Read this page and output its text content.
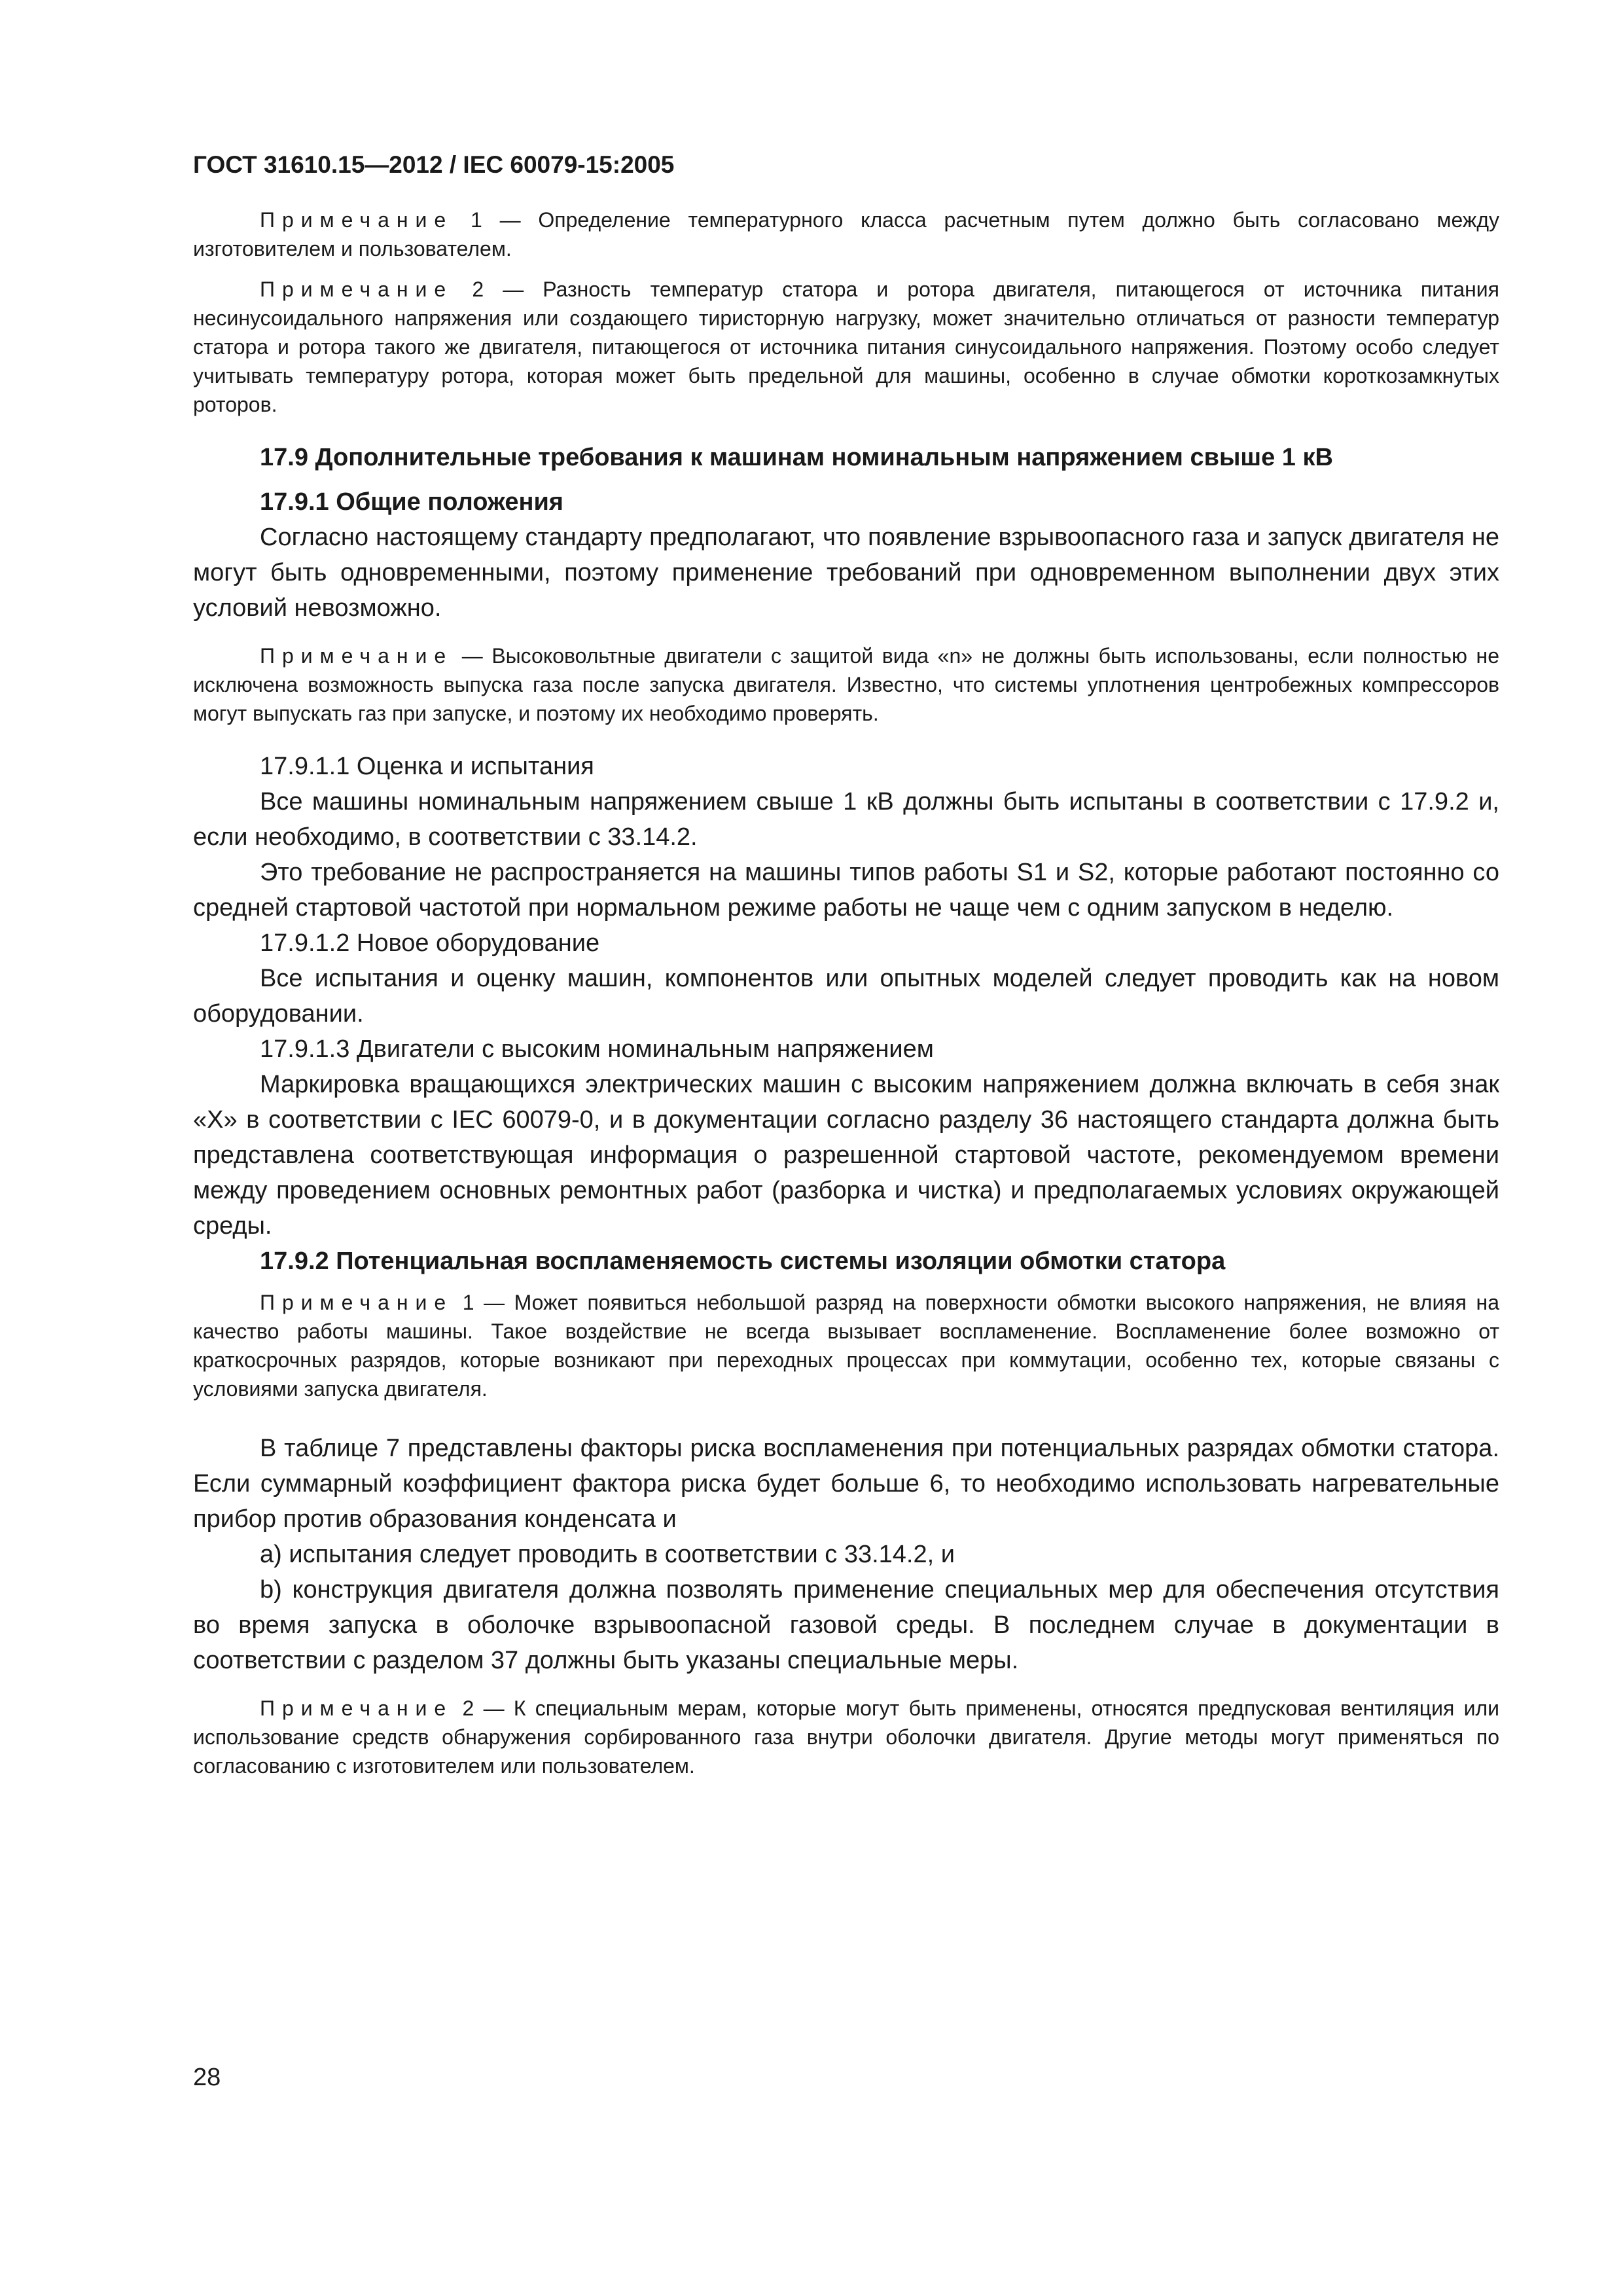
ГОСТ 31610.15—2012 / IEC 60079-15:2005

Примечание 1 — Определение температурного класса расчетным путем должно быть согласовано между изготовителем и пользователем.

Примечание 2 — Разность температур статора и ротора двигателя, питающегося от источника питания несинусоидального напряжения или создающего тиристорную нагрузку, может значительно отличаться от разности температур статора и ротора такого же двигателя, питающегося от источника питания синусоидального напряжения. Поэтому особо следует учитывать температуру ротора, которая может быть предельной для машины, особенно в случае обмотки короткозамкнутых роторов.

17.9 Дополнительные требования к машинам номинальным напряжением свыше 1 кВ

17.9.1 Общие положения

Согласно настоящему стандарту предполагают, что появление взрывоопасного газа и запуск двигателя не могут быть одновременными, поэтому применение требований при одновременном выполнении двух этих условий невозможно.

Примечание — Высоковольтные двигатели с защитой вида «n» не должны быть использованы, если полностью не исключена возможность выпуска газа после запуска двигателя. Известно, что системы уплотнения центробежных компрессоров могут выпускать газ при запуске, и поэтому их необходимо проверять.

17.9.1.1 Оценка и испытания

Все машины номинальным напряжением свыше 1 кВ должны быть испытаны в соответствии с 17.9.2 и, если необходимо, в соответствии с 33.14.2.

Это требование не распространяется на машины типов работы S1 и S2, которые работают постоянно со средней стартовой частотой при нормальном режиме работы не чаще чем с одним запуском в неделю.

17.9.1.2 Новое оборудование

Все испытания и оценку машин, компонентов или опытных моделей следует проводить как на новом оборудовании.

17.9.1.3 Двигатели с высоким номинальным напряжением

Маркировка вращающихся электрических машин с высоким напряжением должна включать в себя знак «X» в соответствии с IEC 60079-0, и в документации согласно разделу 36 настоящего стандарта должна быть представлена соответствующая информация о разрешенной стартовой частоте, рекомендуемом времени между проведением основных ремонтных работ (разборка и чистка) и предполагаемых условиях окружающей среды.

17.9.2 Потенциальная воспламеняемость системы изоляции обмотки статора

Примечание 1 — Может появиться небольшой разряд на поверхности обмотки высокого напряжения, не влияя на качество работы машины. Такое воздействие не всегда вызывает воспламенение. Воспламенение более возможно от краткосрочных разрядов, которые возникают при переходных процессах при коммутации, особенно тех, которые связаны с условиями запуска двигателя.

В таблице 7 представлены факторы риска воспламенения при потенциальных разрядах обмотки статора. Если суммарный коэффициент фактора риска будет больше 6, то необходимо использовать нагревательные прибор против образования конденсата и

a) испытания следует проводить в соответствии с 33.14.2, и

b) конструкция двигателя должна позволять применение специальных мер для обеспечения отсутствия во время запуска в оболочке взрывоопасной газовой среды. В последнем случае в документации в соответствии с разделом 37 должны быть указаны специальные меры.

Примечание 2 — К специальным мерам, которые могут быть применены, относятся предпусковая вентиляция или использование средств обнаружения сорбированного газа внутри оболочки двигателя. Другие методы могут применяться по согласованию с изготовителем или пользователем.

28
